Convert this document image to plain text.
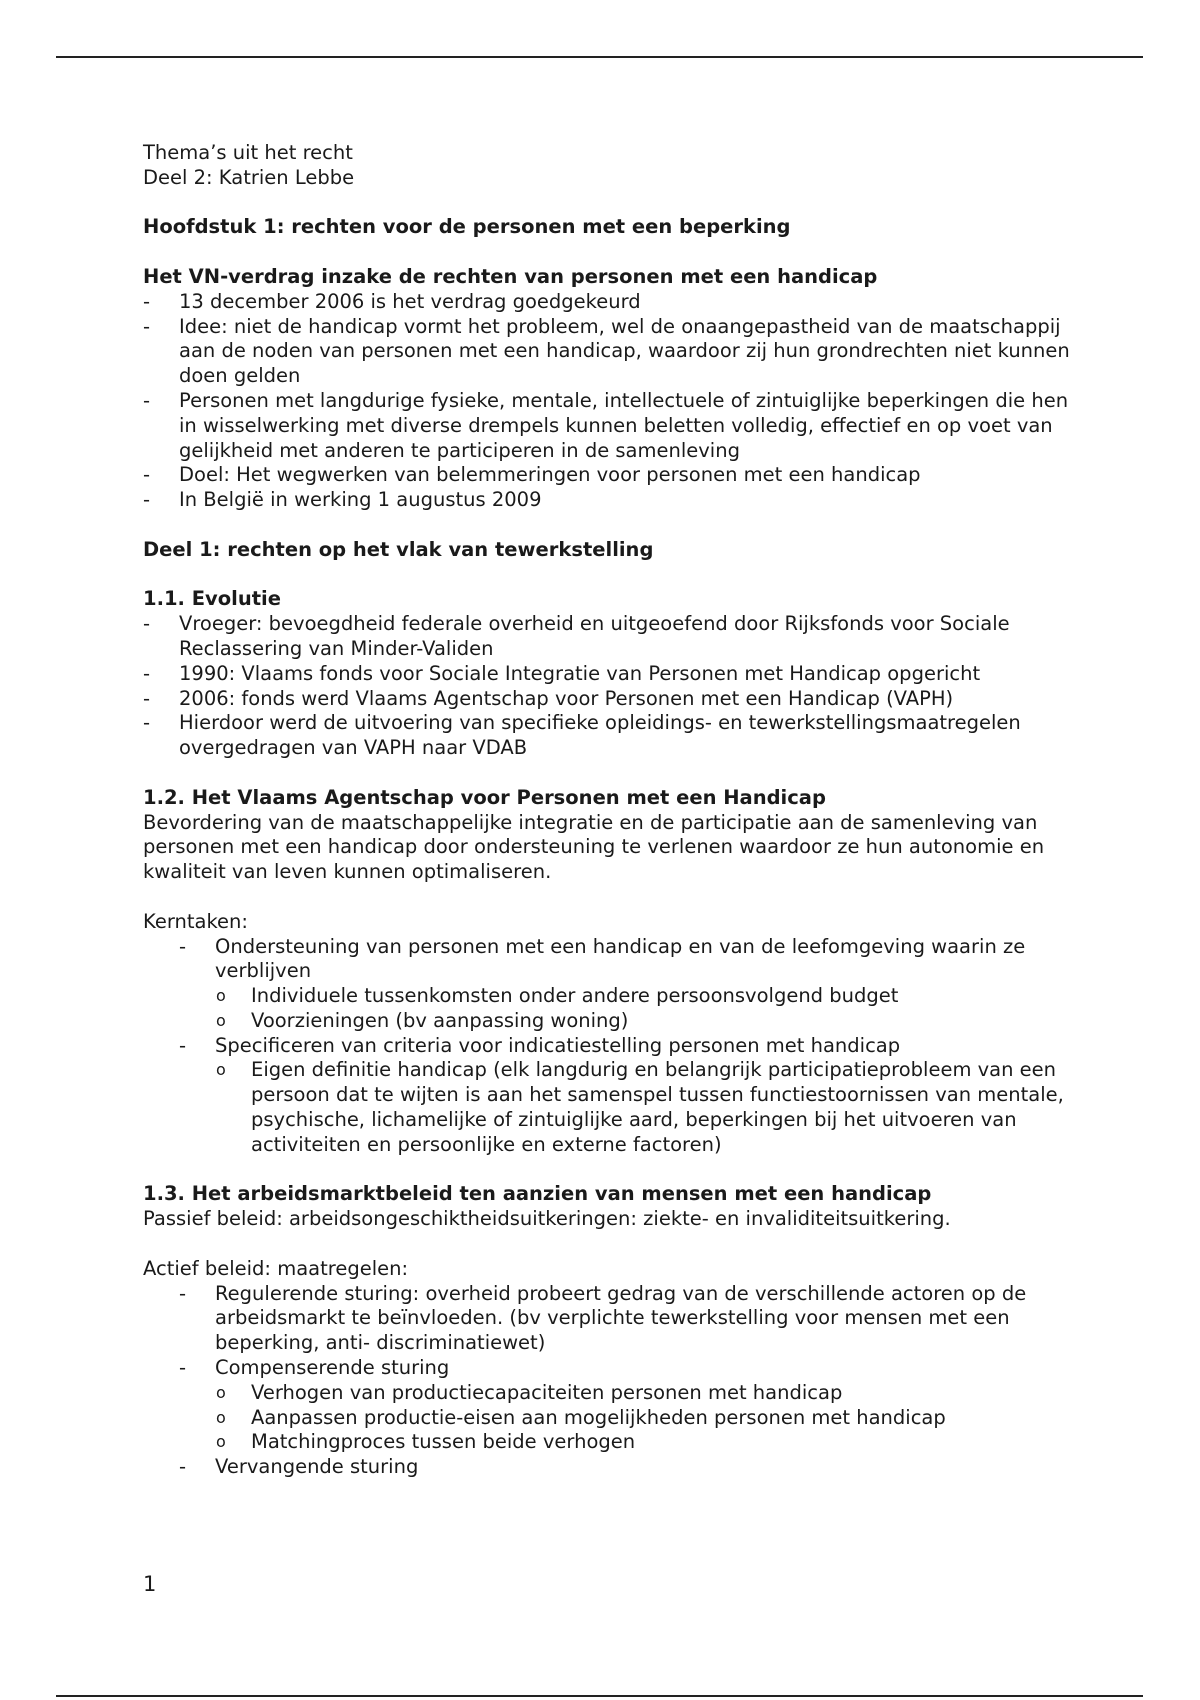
Thema’s uit het recht

Deel 2: Katrien Lebbe

Hoofdstuk 1: rechten voor de personen met een beperking

Het VN-verdrag inzake de rechten van personen met een handicap

- 13 december 2006 is het verdrag goedgekeurd
- Idee: niet de handicap vormt het probleem, wel de onaangepastheid van de maatschappij aan de noden van personen met een handicap, waardoor zij hun grondrechten niet kunnen doen gelden
- Personen met langdurige fysieke, mentale, intellectuele of zintuiglijke beperkingen die hen in wisselwerking met diverse drempels kunnen beletten volledig, effectief en op voet van gelijkheid met anderen te participeren in de samenleving
- Doel: Het wegwerken van belemmeringen voor personen met een handicap
- In België in werking 1 augustus 2009

Deel 1: rechten op het vlak van tewerkstelling

1.1. Evolutie

- Vroeger: bevoegdheid federale overheid en uitgeoefend door Rijksfonds voor Sociale Reclassering van Minder-Validen
- 1990: Vlaams fonds voor Sociale Integratie van Personen met Handicap opgericht
- 2006: fonds werd Vlaams Agentschap voor Personen met een Handicap (VAPH)
- Hierdoor werd de uitvoering van specifieke opleidings- en tewerkstellingsmaatregelen overgedragen van VAPH naar VDAB

1.2. Het Vlaams Agentschap voor Personen met een Handicap

Bevordering van de maatschappelijke integratie en de participatie aan de samenleving van personen met een handicap door ondersteuning te verlenen waardoor ze hun autonomie en kwaliteit van leven kunnen optimaliseren.

Kerntaken:

- Ondersteuning van personen met een handicap en van de leefomgeving waarin ze verblijven
o Individuele tussenkomsten onder andere persoonsvolgend budget
o Voorzieningen (bv aanpassing woning)
- Specificeren van criteria voor indicatiestelling personen met handicap
o Eigen definitie handicap (elk langdurig en belangrijk participatieprobleem van een persoon dat te wijten is aan het samenspel tussen functiestoornissen van mentale, psychische, lichamelijke of zintuiglijke aard, beperkingen bij het uitvoeren van activiteiten en persoonlijke en externe factoren)

1.3. Het arbeidsmarktbeleid ten aanzien van mensen met een handicap

Passief beleid: arbeidsongeschiktheidsuitkeringen: ziekte- en invaliditeitsuitkering.

Actief beleid: maatregelen:

- Regulerende sturing: overheid probeert gedrag van de verschillende actoren op de arbeidsmarkt te beïnvloeden. (bv verplichte tewerkstelling voor mensen met een beperking, anti- discriminatiewet)
- Compenserende sturing
o Verhogen van productiecapaciteiten personen met handicap
o Aanpassen productie-eisen aan mogelijkheden personen met handicap
o Matchingproces tussen beide verhogen
- Vervangende sturing
1
